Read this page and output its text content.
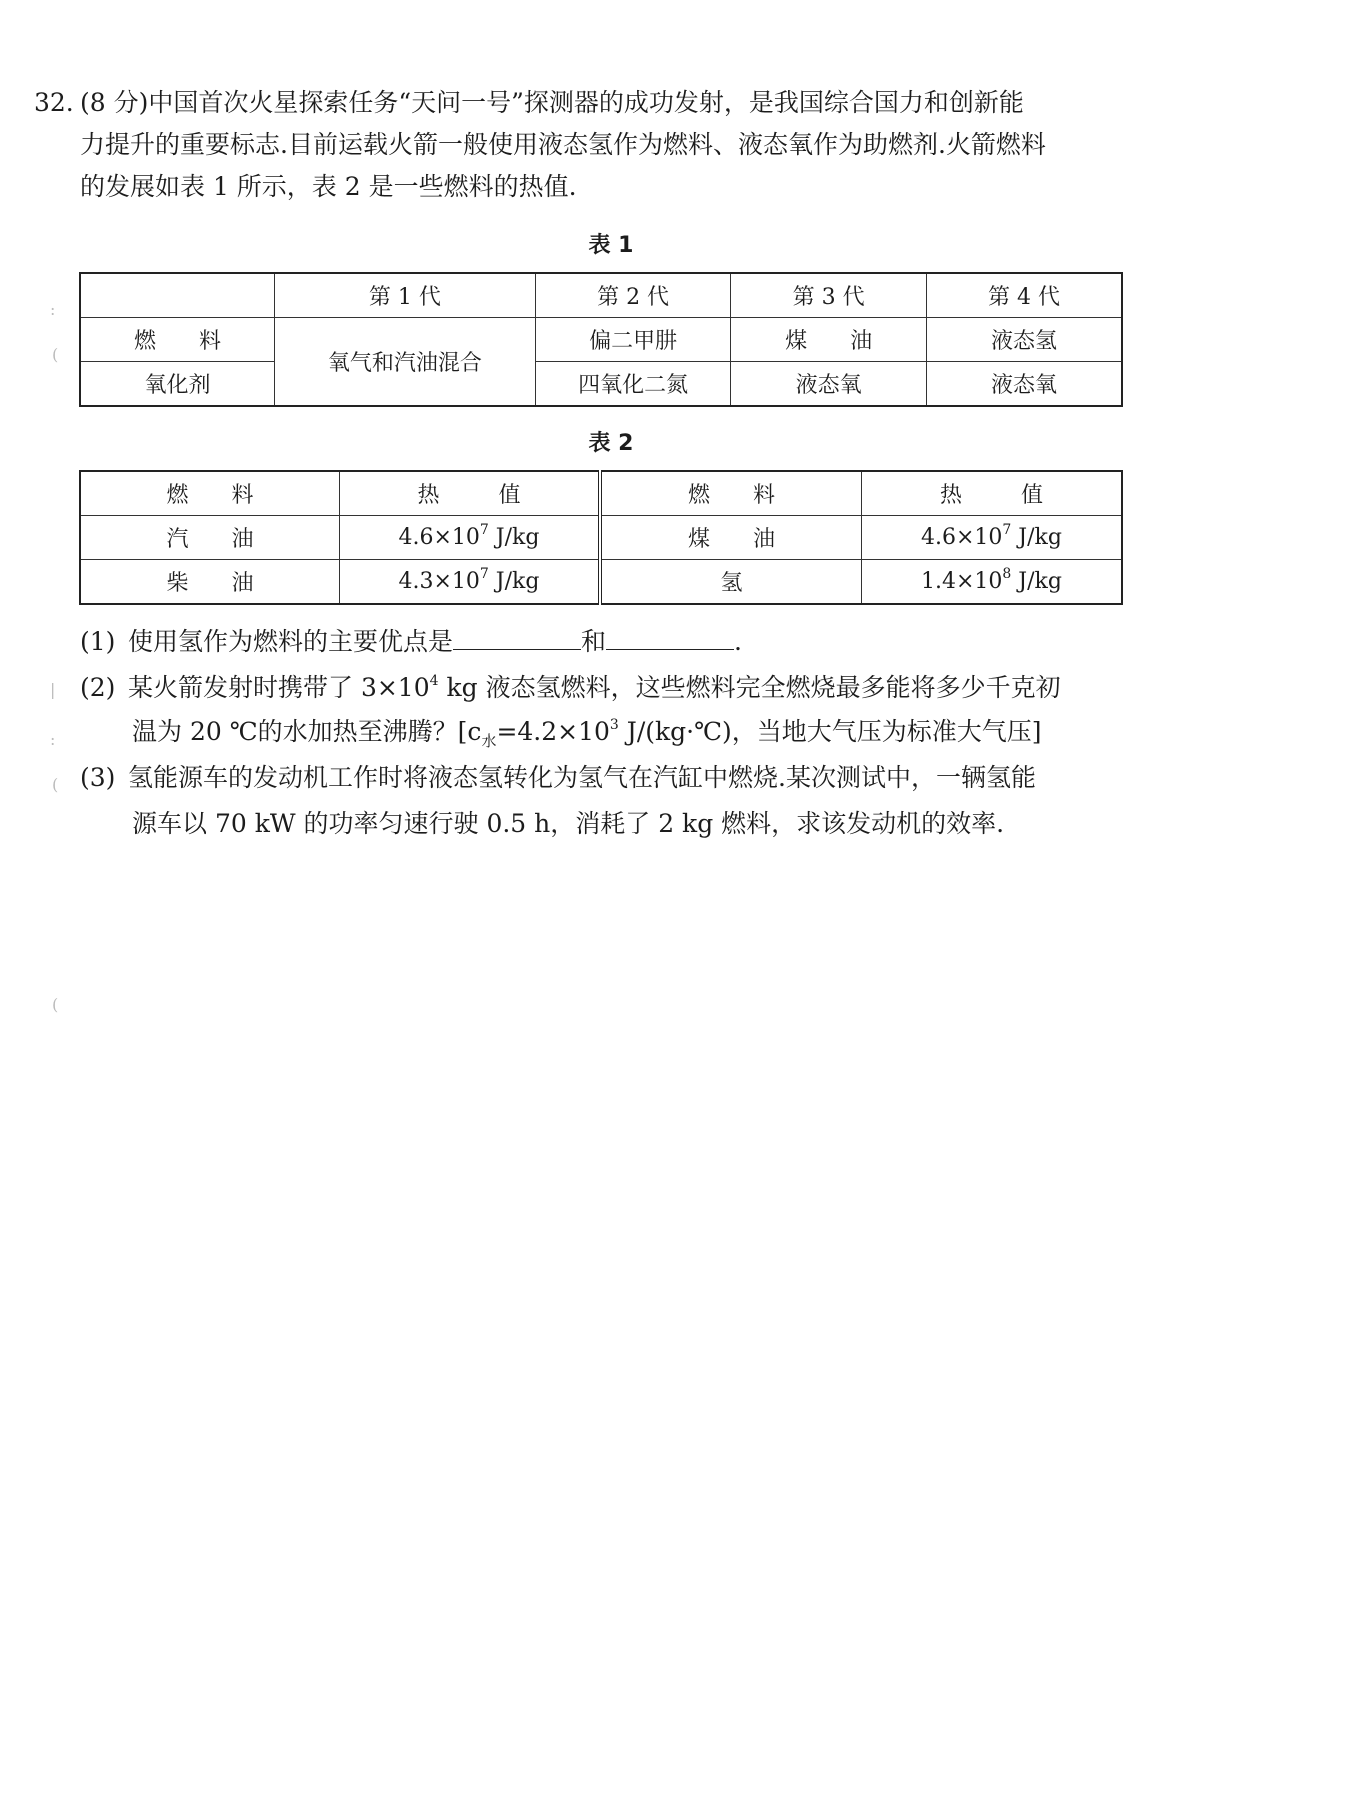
:
(
|
:
(
(
32. (8 分)中国首次火星探索任务“天问一号”探测器的成功发射，是我国综合国力和创新能
力提升的重要标志.目前运载火箭一般使用液态氢作为燃料、液态氧作为助燃剂.火箭燃料
的发展如表 1 所示，表 2 是一些燃料的热值.
表 1
	第 1 代	第 2 代	第 3 代	第 4 代
燃 料	氧气和汽油混合	偏二甲肼	煤 油	液态氢
氧化剂		四氧化二氮	液态氧	液态氧
表 2
燃 料	热 值	燃 料	热 值
汽 油	$4.6\times 10^7$ J/kg	煤 油	$4.6\times 10^7$ J/kg
柴 油	$4.3\times 10^7$ J/kg	氢	$1.4\times 10^8$ J/kg
(1) 使用氢作为燃料的主要优点是	和	.
(2) 某火箭发射时携带了 $3\times 10^4$ kg 液态氢燃料，这些燃料完全燃烧最多能将多少千克初
温为 20 ℃的水加热至沸腾？[$c_水=4.2\times 10^3$ J/(kg·℃)，当地大气压为标准大气压]
(3) 氢能源车的发动机工作时将液态氢转化为氢气在汽缸中燃烧.某次测试中，一辆氢能
源车以 70 kW 的功率匀速行驶 0.5 h，消耗了 2 kg 燃料，求该发动机的效率.
